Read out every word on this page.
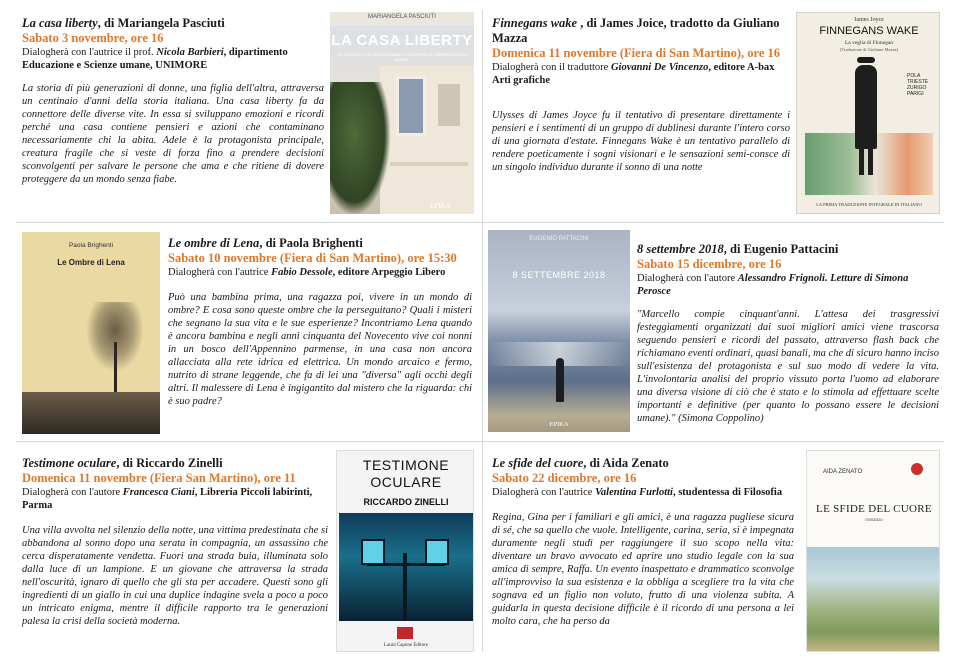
La casa liberty, di Mariangela Pasciuti
Sabato 3 novembre, ore 16
Dialogherà con l'autrice il prof. Nicola Barbieri, dipartimento Educazione e Scienze umane, UNIMORE
La storia di più generazioni di donne, una figlia dell'altra, attraversa un centinaio d'anni della storia italiana. Una casa liberty fa da connettore delle diverse vite. In essa si sviluppano emozioni e ricordi perché una casa contiene pensieri e azioni che contaminano necessariamente chi la abita. Adele è la protagonista principale, creatura fragile che si veste di forza fino a prendere decisioni sconvolgenti per salvare le persone che ama e che ritiene di dovere proteggere da un mondo senza fiabe.
MARIANGELA PASCIUTI
LA CASA LIBERTY
UN SECOLO DI STORIA ITALIANA ATTRAVERSO LE GENERAZIONI DI DONNE
EPIKA
Finnegans wake , di James Joice, tradotto da Giuliano Mazza
Domenica 11 novembre (Fiera di San Martino), ore 16
Dialogherà con il traduttore Giovanni De Vincenzo, editore A-bax Arti grafiche
Ulysses di James Joyce fu il tentativo di presentare direttamente i pensieri e i sentimenti di un gruppo di dublinesi durante l'intero corso di una giornata d'estate. Finnegans Wake è un tentativo parallelo di rendere poeticamente i sogni visionari e le sensazioni semi-consce di un singolo individuo durante il sonno di una notte
James Joyce
FINNEGANS WAKE
La veglia di Finnegan
(Traduzione di Giuliano Mazza)
POLA
TRIESTE
ZURIGO
PARIGI
LA PRIMA TRADUZIONE INTEGRALE IN ITALIANO
Paola Brighenti
Le Ombre di Lena
Le ombre di Lena, di Paola Brighenti
Sabato 10 novembre (Fiera di San Martino), ore 15:30
Dialogherà con l'autrice Fabio Dessole, editore Arpeggio Libero
Può una bambina prima, una ragazza poi, vivere in un mondo di ombre? E cosa sono queste ombre che la perseguitano? Quali i misteri che segnano la sua vita e le sue esperienze? Incontriamo Lena quando è ancora bambina e negli anni cinquanta del Novecento vive coi nonni in un bosco dell'Appennino parmense, in una casa non ancora allacciata alla rete idrica ed elettrica. Un mondo arcaico e fermo, nutrito di strane leggende, che fa di lei una "diversa" agli occhi degli altri. Il malessere di Lena è ingigantito dal mistero che la riguarda: chi è suo padre?
EUGENIO PATTACINI
8 SETTEMBRE 2018
EPIKA
8 settembre 2018, di Eugenio Pattacini
Sabato 15 dicembre, ore 16
Dialogherà con l'autore Alessandro Frignoli. Letture di Simona Perosce
"Marcello compie cinquant'anni. L'attesa dei trasgressivi festeggiamenti organizzati dai suoi migliori amici viene trascorsa seguendo pensieri e ricordi del passato, attraverso flash back che richiamano eventi ordinari, quasi banali, ma che di sicuro hanno inciso sull'esistenza del protagonista e sul suo modo di vedere la vita. L'involontaria analisi del proprio vissuto porta l'uomo ad elaborare una diversa visione di ciò che è stato e lo stimola ad effettuare scelte importanti e definitive (per quanto lo possano essere le decisioni umane)." (Simona Coppolino)
Testimone oculare, di Riccardo Zinelli
Domenica 11 novembre (Fiera San Martino), ore 11
Dialogherà con l'autore Francesca Ciani, Libreria Piccoli labirinti, Parma
Una villa avvolta nel silenzio della notte, una vittima predestinata che si abbandona al sonno dopo una serata in compagnia, un assassino che cerca disperatamente vendetta. Fuori una strada buia, illuminata solo dalla luce di un lampione. E un giovane che attraversa la strada nell'oscurità, ignaro di quello che gli sta per accadere. Questi sono gli ingredienti di un giallo in cui una duplice indagine svela a poco a poco un intricato enigma, mentre il difficile rapporto tra le generazioni palesa la crisi della società moderna.
TESTIMONE
OCULARE
RICCARDO ZINELLI
Laura Capone Editore
Le sfide del cuore, di Aida Zenato
Sabato 22 dicembre, ore 16
Dialogherà con l'autrice Valentina Furlotti, studentessa di Filosofia
Regina, Gina per i familiari e gli amici, è una ragazza pugliese sicura di sé, che sa quello che vuole. Intelligente, carina, seria, si è impegnata duramente negli studi per raggiungere il suo scopo nella vita: diventare un bravo avvocato ed aprire uno studio legale con la sua amica di sempre, Raffa. Un evento inaspettato e drammatico sconvolge all'improvviso la sua esistenza e la obbliga a scegliere tra la vita che sognava ed un figlio non voluto, frutto di una violenza subita. A guidarla in questa decisione difficile è il ricordo di una persona a lei molto cara, che ha perso da
AIDA ZENATO
LE SFIDE DEL CUORE
romanzo
